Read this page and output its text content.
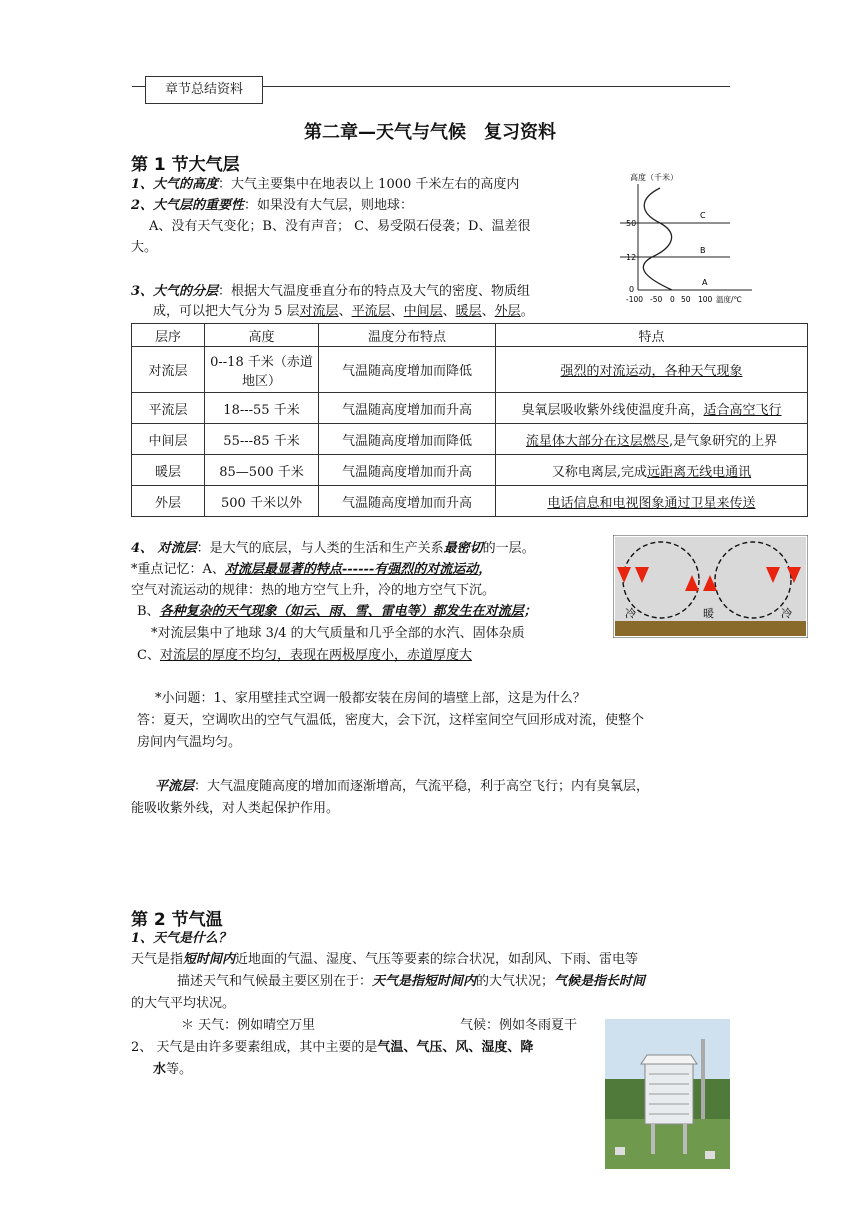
章节总结资料
第二章—天气与气候　复习资料
第 1 节大气层
1、大气的高度：大气主要集中在地表以上 1000 千米左右的高度内
2、大气层的重要性：如果没有大气层，则地球：
A、没有天气变化；B、没有声音； C、易受陨石侵袭；D、温差很
大。
3、大气的分层：根据大气温度垂直分布的特点及大气的密度、物质组
成，可以把大气分为 5 层对流层、平流层、中间层、暖层、外层。
高度（千米）
50
12
0
C
B
A
-100 -50 0 50 100 温度/℃
层序	高度	温度分布特点	特点
对流层	0--18 千米（赤道地区）	气温随高度增加而降低	强烈的对流运动，各种天气现象
平流层	18---55 千米	气温随高度增加而升高	臭氧层吸收紫外线使温度升高，适合高空飞行
中间层	55---85 千米	气温随高度增加而降低	流星体大部分在这层燃尽,是气象研究的上界
暖层	85—500 千米	气温随高度增加而升高	又称电离层,完成远距离无线电通讯
外层	500 千米以外	气温随高度增加而升高	电话信息和电视图象通过卫星来传送
冷	暖	冷
4、 对流层：是大气的底层，与人类的生活和生产关系最密切的一层。
*重点记忆：A、对流层最显著的特点------有强烈的对流运动，
空气对流运动的规律：热的地方空气上升，冷的地方空气下沉。
B、各种复杂的天气现象（如云、雨、雪、雷电等）都发生在对流层；
*对流层集中了地球 3/4 的大气质量和几乎全部的水汽、固体杂质
C、对流层的厚度不均匀，表现在两极厚度小，赤道厚度大
*小问题：1、家用壁挂式空调一般都安装在房间的墙壁上部，这是为什么？
答：夏天，空调吹出的空气气温低，密度大，会下沉，这样室间空气回形成对流，使整个
房间内气温均匀。
平流层：大气温度随高度的增加而逐渐增高，气流平稳，利于高空飞行；内有臭氧层，
能吸收紫外线，对人类起保护作用。
第 2 节气温
1、天气是什么？
天气是指短时间内近地面的气温、湿度、气压等要素的综合状况，如刮风、下雨、雷电等
描述天气和气候最主要区别在于：天气是指短时间内的大气状况；气候是指长时间
的大气平均状况。
＊ 天气：例如晴空万里	气候：例如冬雨夏干
2、 天气是由许多要素组成，其中主要的是气温、气压、风、湿度、降
水等。
